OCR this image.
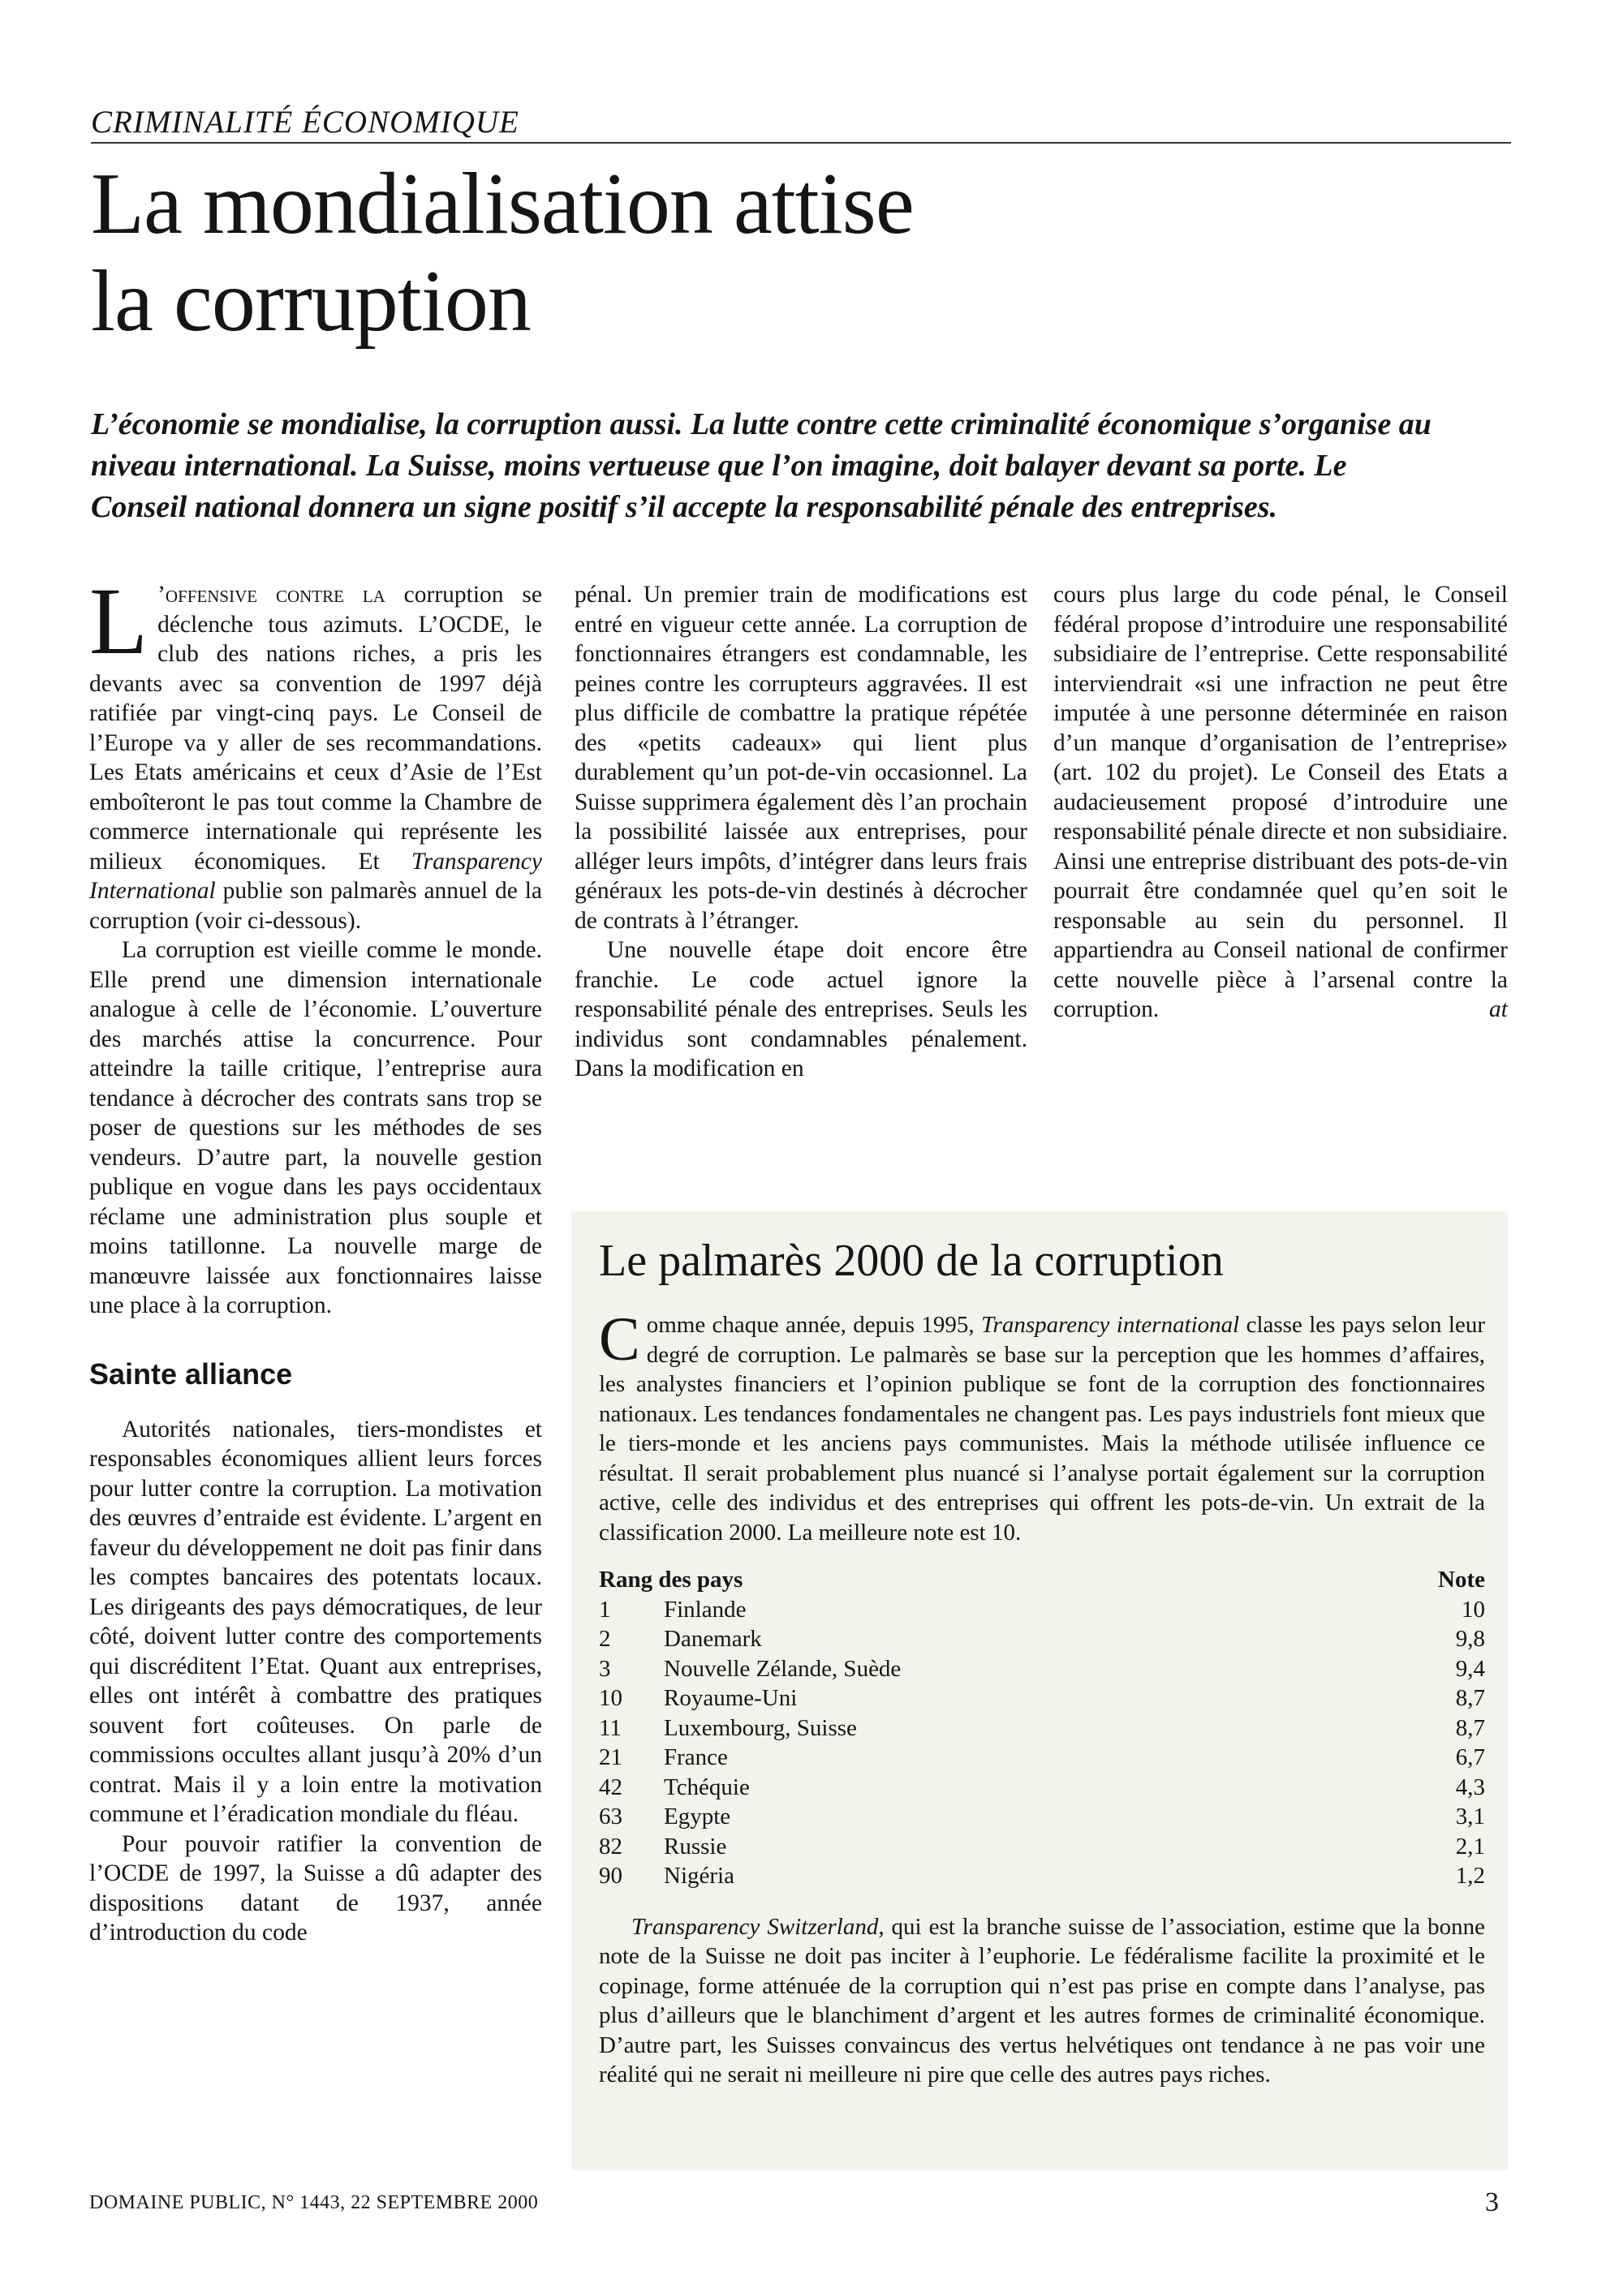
CRIMINALITÉ ÉCONOMIQUE
La mondialisation attise
la corruption

L’économie se mondialise, la corruption aussi. La lutte contre cette criminalité économique s’organise au niveau international. La Suisse, moins vertueuse que l’on imagine, doit balayer devant sa porte. Le Conseil national donnera un signe positif s’il accepte la responsabilité pénale des entreprises.

L ’offensive contre la corruption se déclenche tous azimuts. L’OCDE, le club des nations riches, a pris les devants avec sa convention de 1997 déjà ratifiée par vingt-cinq pays. Le Conseil de l’Europe va y aller de ses recommandations. Les Etats américains et ceux d’Asie de l’Est emboîteront le pas tout comme la Chambre de commerce internationale qui représente les milieux économiques. Et Transparency International publie son palmarès annuel de la corruption (voir ci-dessous).

La corruption est vieille comme le monde. Elle prend une dimension internationale analogue à celle de l’économie. L’ouverture des marchés attise la concurrence. Pour atteindre la taille critique, l’entreprise aura tendance à décrocher des contrats sans trop se poser de questions sur les méthodes de ses vendeurs. D’autre part, la nouvelle gestion publique en vogue dans les pays occidentaux réclame une administration plus souple et moins tatillonne. La nouvelle marge de manœuvre laissée aux fonctionnaires laisse une place à la corruption.

Sainte alliance

Autorités nationales, tiers-mondistes et responsables économiques allient leurs forces pour lutter contre la corruption. La motivation des œuvres d’entraide est évidente. L’argent en faveur du développement ne doit pas finir dans les comptes bancaires des potentats locaux. Les dirigeants des pays démocratiques, de leur côté, doivent lutter contre des comportements qui discréditent l’Etat. Quant aux entreprises, elles ont intérêt à combattre des pratiques souvent fort coûteuses. On parle de commissions occultes allant jusqu’à 20% d’un contrat. Mais il y a loin entre la motivation commune et l’éradication mondiale du fléau.

Pour pouvoir ratifier la convention de l’OCDE de 1997, la Suisse a dû adapter des dispositions datant de 1937, année d’introduction du code

pénal. Un premier train de modifications est entré en vigueur cette année. La corruption de fonctionnaires étrangers est condamnable, les peines contre les corrupteurs aggravées. Il est plus difficile de combattre la pratique répétée des «petits cadeaux» qui lient plus durablement qu’un pot-de-vin occasionnel. La Suisse supprimera également dès l’an prochain la possibilité laissée aux entreprises, pour alléger leurs impôts, d’intégrer dans leurs frais généraux les pots-de-vin destinés à décrocher de contrats à l’étranger.

Une nouvelle étape doit encore être franchie. Le code actuel ignore la responsabilité pénale des entreprises. Seuls les individus sont condamnables pénalement. Dans la modification en

cours plus large du code pénal, le Conseil fédéral propose d’introduire une responsabilité subsidiaire de l’entreprise. Cette responsabilité interviendrait «si une infraction ne peut être imputée à une personne déterminée en raison d’un manque d’organisation de l’entreprise» (art. 102 du projet). Le Conseil des Etats a audacieusement proposé d’introduire une responsabilité pénale directe et non subsidiaire. Ainsi une entreprise distribuant des pots-de-vin pourrait être condamnée quel qu’en soit le responsable au sein du personnel. Il appartiendra au Conseil national de confirmer cette nouvelle pièce à l’arsenal contre la corruption.	at

Le palmarès 2000 de la corruption

Comme chaque année, depuis 1995, Transparency international classe les pays selon leur degré de corruption. Le palmarès se base sur la perception que les hommes d’affaires, les analystes financiers et l’opinion publique se font de la corruption des fonctionnaires nationaux. Les tendances fondamentales ne changent pas. Les pays industriels font mieux que le tiers-monde et les anciens pays communistes. Mais la méthode utilisée influence ce résultat. Il serait probablement plus nuancé si l’analyse portait également sur la corruption active, celle des individus et des entreprises qui offrent les pots-de-vin. Un extrait de la classification 2000. La meilleure note est 10.

Rang des pays		Note
1	Finlande	10
2	Danemark	9,8
3	Nouvelle Zélande, Suède	9,4
10	Royaume-Uni	8,7
11	Luxembourg, Suisse	8,7
21	France	6,7
42	Tchéquie	4,3
63	Egypte	3,1
82	Russie	2,1
90	Nigéria	1,2

Transparency Switzerland, qui est la branche suisse de l’association, estime que la bonne note de la Suisse ne doit pas inciter à l’euphorie. Le fédéralisme facilite la proximité et le copinage, forme atténuée de la corruption qui n’est pas prise en compte dans l’analyse, pas plus d’ailleurs que le blanchiment d’argent et les autres formes de criminalité économique. D’autre part, les Suisses convaincus des vertus helvétiques ont tendance à ne pas voir une réalité qui ne serait ni meilleure ni pire que celle des autres pays riches.

DOMAINE PUBLIC, N° 1443, 22 SEPTEMBRE 2000	3
